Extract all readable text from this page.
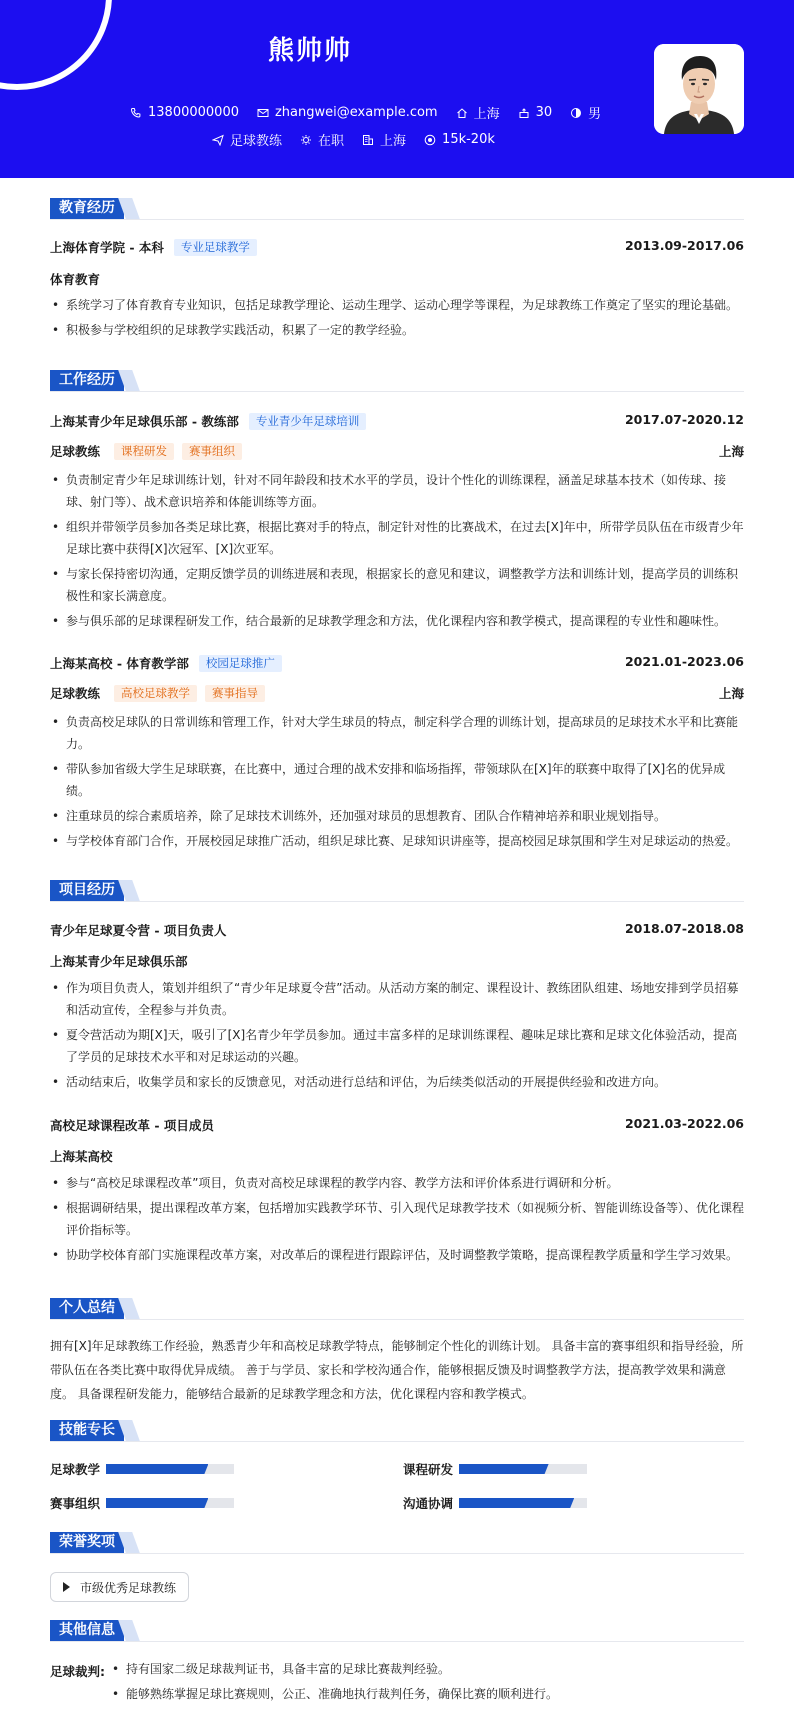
熊帅帅
13800000000	zhangwei@example.com	上海	30	男
足球教练	在职	上海	15k-20k
教育经历
上海体育学院 - 本科	专业足球教学	2013.09-2017.06
体育教育
• 系统学习了体育教育专业知识，包括足球教学理论、运动生理学、运动心理学等课程，为足球教练工作奠定了坚实的理论基础。
• 积极参与学校组织的足球教学实践活动，积累了一定的教学经验。
工作经历
上海某青少年足球俱乐部 - 教练部	专业青少年足球培训	2017.07-2020.12
足球教练	课程研发	赛事组织	上海
• 负责制定青少年足球训练计划，针对不同年龄段和技术水平的学员，设计个性化的训练课程，涵盖足球基本技术（如传球、接球、射门等）、战术意识培养和体能训练等方面。
• 组织并带领学员参加各类足球比赛，根据比赛对手的特点，制定针对性的比赛战术，在过去[X]年中，所带学员队伍在市级青少年足球比赛中获得[X]次冠军、[X]次亚军。
• 与家长保持密切沟通，定期反馈学员的训练进展和表现，根据家长的意见和建议，调整教学方法和训练计划，提高学员的训练积极性和家长满意度。
• 参与俱乐部的足球课程研发工作，结合最新的足球教学理念和方法，优化课程内容和教学模式，提高课程的专业性和趣味性。
上海某高校 - 体育教学部	校园足球推广	2021.01-2023.06
足球教练	高校足球教学	赛事指导	上海
• 负责高校足球队的日常训练和管理工作，针对大学生球员的特点，制定科学合理的训练计划，提高球员的足球技术水平和比赛能力。
• 带队参加省级大学生足球联赛，在比赛中，通过合理的战术安排和临场指挥，带领球队在[X]年的联赛中取得了[X]名的优异成绩。
• 注重球员的综合素质培养，除了足球技术训练外，还加强对球员的思想教育、团队合作精神培养和职业规划指导。
• 与学校体育部门合作，开展校园足球推广活动，组织足球比赛、足球知识讲座等，提高校园足球氛围和学生对足球运动的热爱。
项目经历
青少年足球夏令营 - 项目负责人	2018.07-2018.08
上海某青少年足球俱乐部
• 作为项目负责人，策划并组织了“青少年足球夏令营”活动。从活动方案的制定、课程设计、教练团队组建、场地安排到学员招募和活动宣传，全程参与并负责。
• 夏令营活动为期[X]天，吸引了[X]名青少年学员参加。通过丰富多样的足球训练课程、趣味足球比赛和足球文化体验活动，提高了学员的足球技术水平和对足球运动的兴趣。
• 活动结束后，收集学员和家长的反馈意见，对活动进行总结和评估，为后续类似活动的开展提供经验和改进方向。
高校足球课程改革 - 项目成员	2021.03-2022.06
上海某高校
• 参与“高校足球课程改革”项目，负责对高校足球课程的教学内容、教学方法和评价体系进行调研和分析。
• 根据调研结果，提出课程改革方案，包括增加实践教学环节、引入现代足球教学技术（如视频分析、智能训练设备等）、优化课程评价指标等。
• 协助学校体育部门实施课程改革方案，对改革后的课程进行跟踪评估，及时调整教学策略，提高课程教学质量和学生学习效果。
个人总结
拥有[X]年足球教练工作经验，熟悉青少年和高校足球教学特点，能够制定个性化的训练计划。 具备丰富的赛事组织和指导经验，所带队伍在各类比赛中取得优异成绩。 善于与学员、家长和学校沟通合作，能够根据反馈及时调整教学方法，提高教学效果和满意度。 具备课程研发能力，能够结合最新的足球教学理念和方法，优化课程内容和教学模式。
技能专长
足球教学	课程研发
赛事组织	沟通协调
荣誉奖项
市级优秀足球教练
其他信息
足球裁判:
•	持有国家二级足球裁判证书，具备丰富的足球比赛裁判经验。
• 能够熟练掌握足球比赛规则，公正、准确地执行裁判任务，确保比赛的顺利进行。
